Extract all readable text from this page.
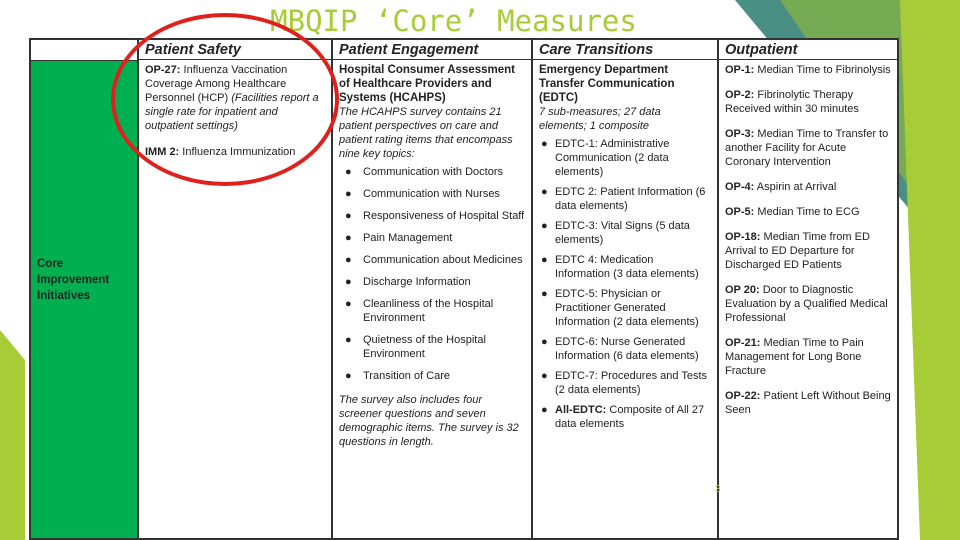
MBQIP ‘Core’ Measures
Core
Improvement
Initiatives
Patient Safety

OP-27: Influenza Vaccination Coverage Among Healthcare Personnel (HCP) (Facilities report a single rate for inpatient and outpatient settings)

IMM 2: Influenza Immunization

Patient Engagement
Hospital Consumer Assessment of Healthcare Providers and Systems (HCAHPS)
The HCAHPS survey contains 21 patient perspectives on care and patient rating items that encompass nine key topics:
● Communication with Doctors
● Communication with Nurses
● Responsiveness of Hospital Staff
● Pain Management
● Communication about Medicines
● Discharge Information
● Cleanliness of the Hospital Environment
● Quietness of the Hospital Environment
● Transition of Care
The survey also includes four screener questions and seven demographic items. The survey is 32 questions in length.
Care Transitions
Emergency Department Transfer Communication (EDTC)
7 sub-measures; 27 data elements; 1 composite
● EDTC-1: Administrative Communication (2 data elements)
● EDTC 2: Patient Information (6 data elements)
● EDTC-3: Vital Signs (5 data elements)
● EDTC 4: Medication Information (3 data elements)
● EDTC-5: Physician or Practitioner Generated Information (2 data elements)
● EDTC-6: Nurse Generated Information (6 data elements)
● EDTC-7: Procedures and Tests (2 data elements)
● All-EDTC: Composite of All 27 data elements
Outpatient
OP-1: Median Time to Fibrinolysis
OP-2: Fibrinolytic Therapy Received within 30 minutes
OP-3: Median Time to Transfer to another Facility for Acute Coronary Intervention
OP-4: Aspirin at Arrival
OP-5: Median Time to ECG
OP-18: Median Time from ED Arrival to ED Departure for Discharged ED Patients
OP 20: Door to Diagnostic Evaluation by a Qualified Medical Professional
OP-21: Median Time to Pain Management for Long Bone Fracture
OP-22: Patient Left Without Being Seen
3
